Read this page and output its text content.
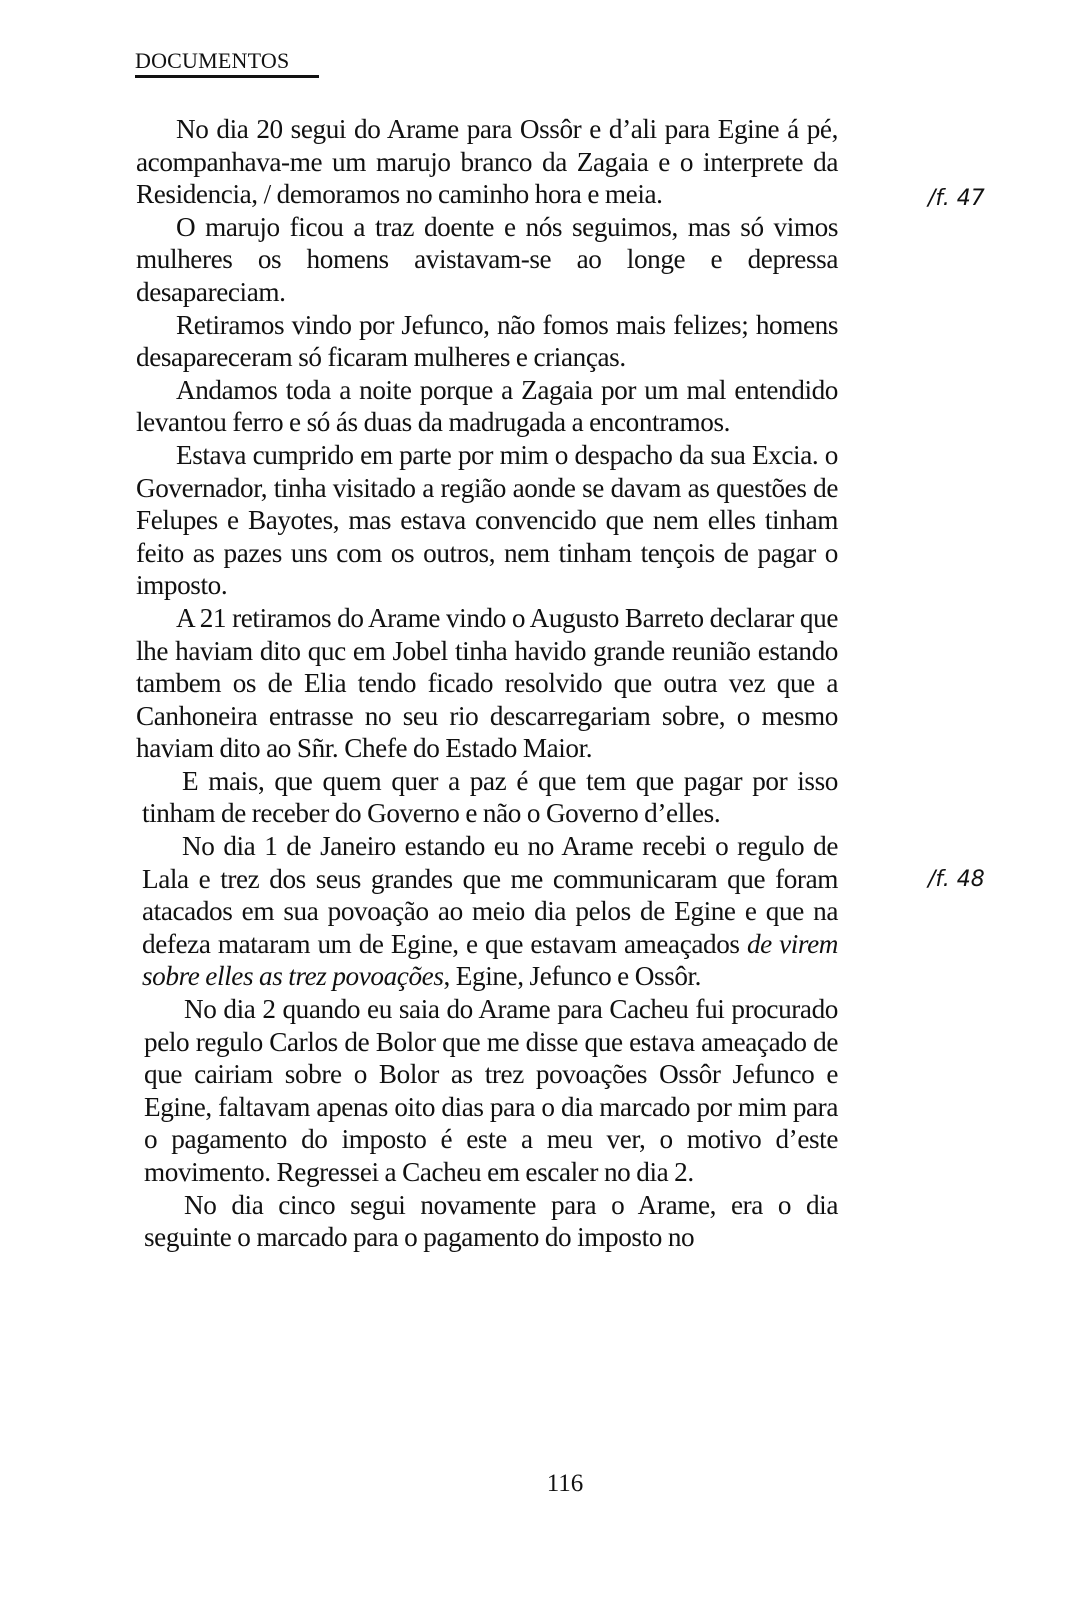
DOCUMENTOS

No dia 20 segui do Arame para Ossôr e d’ali para Egine á pé, acompanhava-me um marujo branco da Zagaia e o interprete da Residencia, / demoramos no caminho hora e meia.

O marujo ficou a traz doente e nós seguimos, mas só vimos mulheres os homens avistavam-se ao longe e depressa desapareciam.

Retiramos vindo por Jefunco, não fomos mais felizes; homens desapareceram só ficaram mulheres e crianças.

Andamos toda a noite porque a Zagaia por um mal entendido levantou ferro e só ás duas da madrugada a encontramos.

Estava cumprido em parte por mim o despacho da sua Excia. o Governador, tinha visitado a região aonde se davam as questões de Felupes e Bayotes, mas estava convencido que nem elles tinham feito as pazes uns com os outros, nem tinham tençois de pagar o imposto.

A 21 retiramos do Arame vindo o Augusto Barreto declarar que lhe haviam dito quc em Jobel tinha havido grande reunião estando tambem os de Elia tendo ficado resolvido que outra vez que a Canhoneira entrasse no seu rio descarregariam sobre, o mesmo haviam dito ao Sñr. Chefe do Estado Maior.

E mais, que quem quer a paz é que tem que pagar por isso tinham de receber do Governo e não o Governo d’elles.

No dia 1 de Janeiro estando eu no Arame recebi o regulo de Lala e trez dos seus grandes que me communicaram que foram atacados em sua povoação ao meio dia pelos de Egine e que na defeza mataram um de Egine, e que estavam ameaçados de virem sobre elles as trez povoações, Egine, Jefunco e Ossôr.

No dia 2 quando eu saia do Arame para Cacheu fui procurado pelo regulo Carlos de Bolor que me disse que estava ameaçado de que cairiam sobre o Bolor as trez povoações Ossôr Jefunco e Egine, faltavam apenas oito dias para o dia marcado por mim para o pagamento do imposto é este a meu ver, o motivo d’este movimento. Regressei a Cacheu em escaler no dia 2.

No dia cinco segui novamente para o Arame, era o dia seguinte o marcado para o pagamento do imposto no

/f. 47
/f. 48
116
